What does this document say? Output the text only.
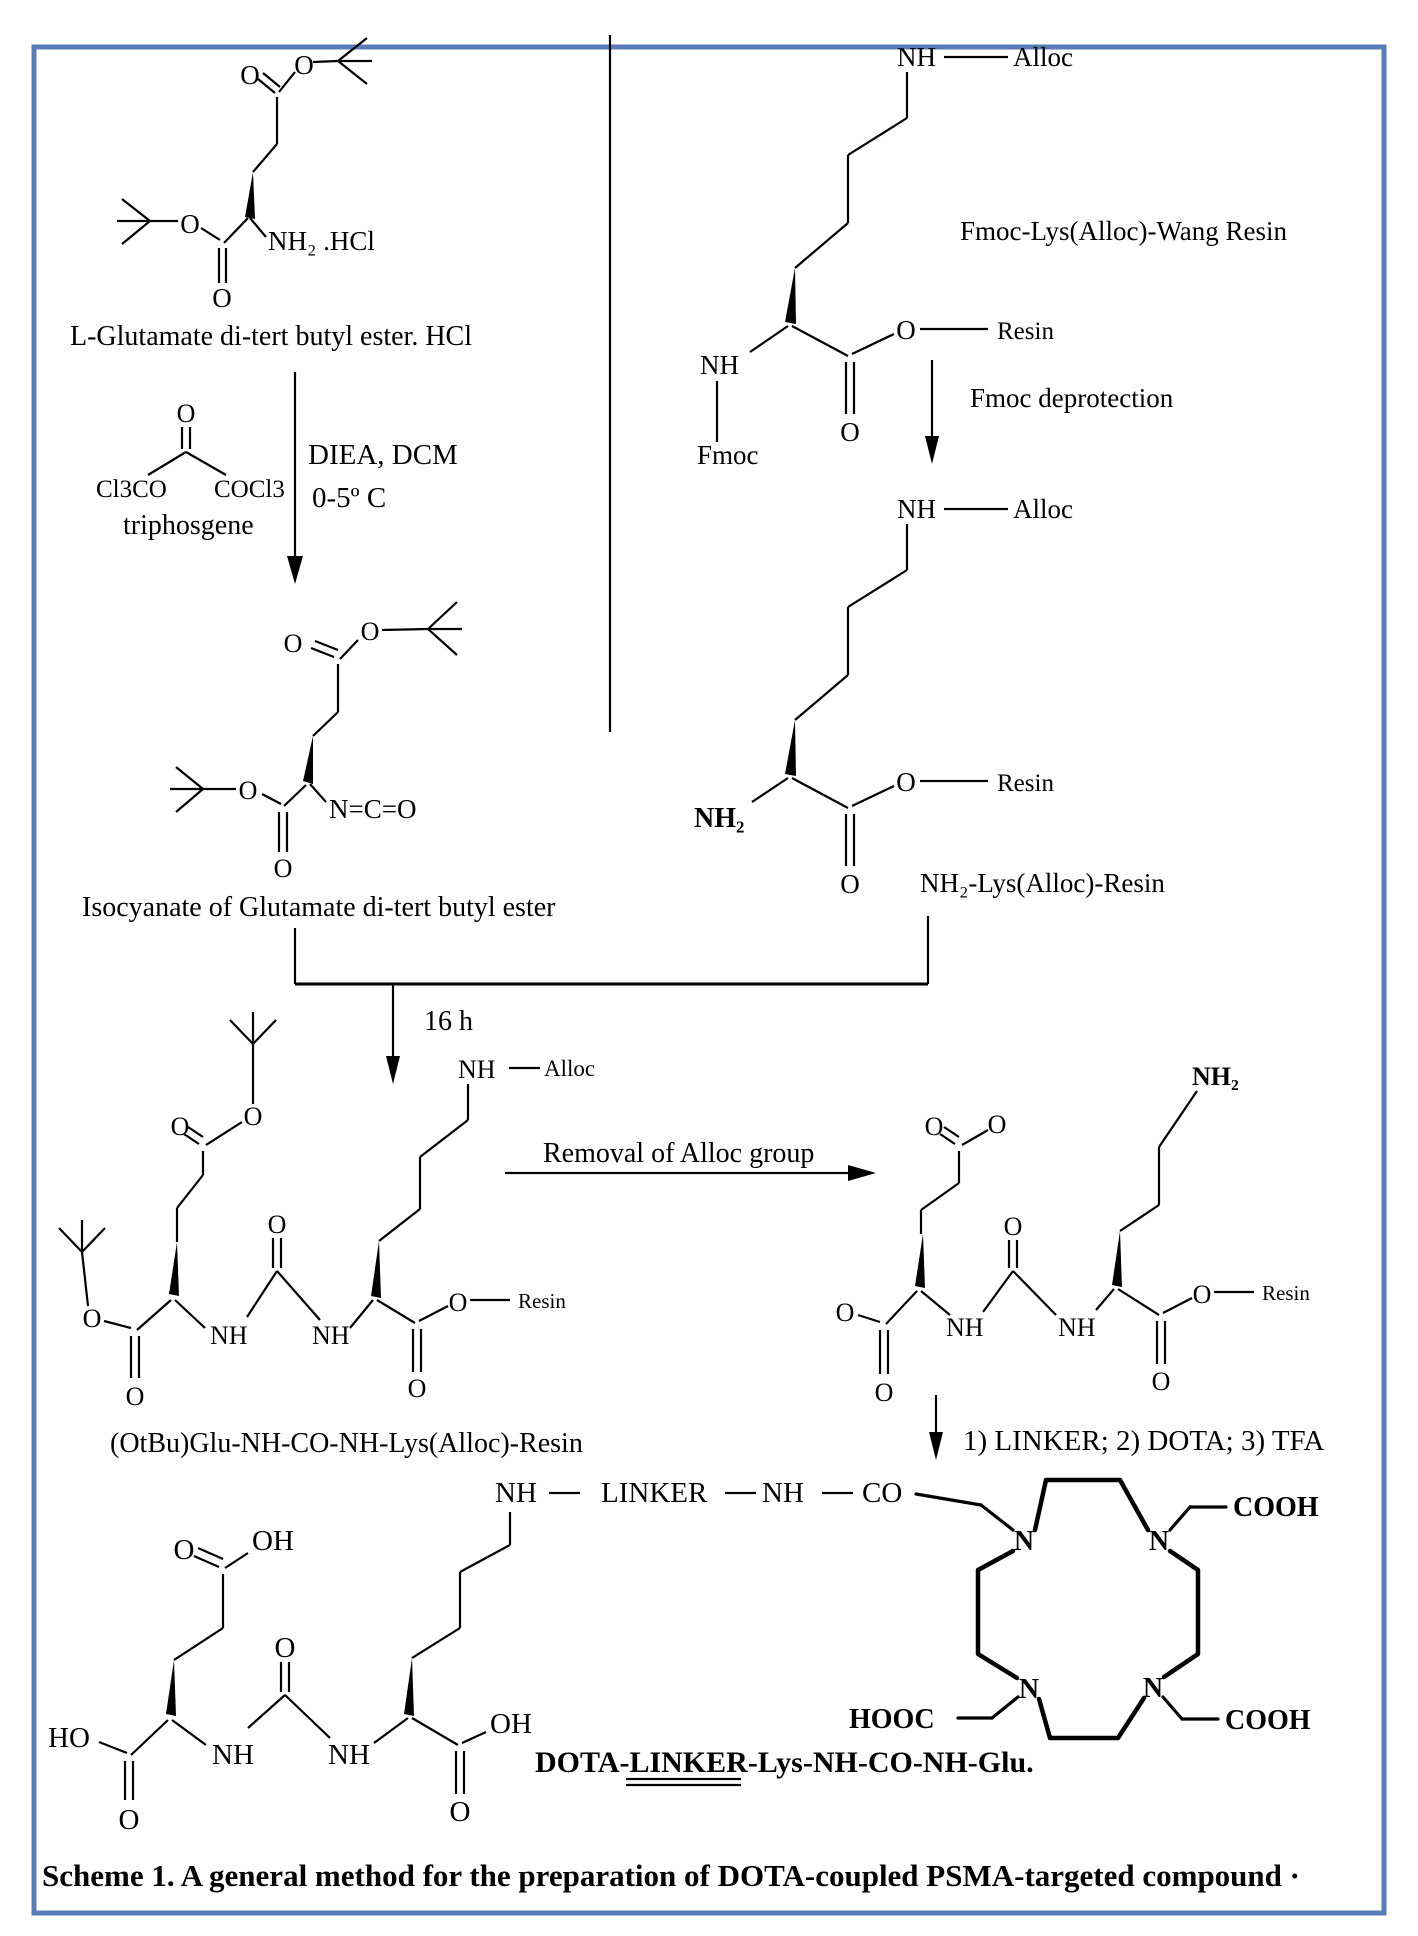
O O
O
O
NH₂ .HCl
L-Glutamate di-tert butyl ester. HCl
DIEA, DCM
0-5º C
O
Cl3CO COCl3
triphosgene
O O
O
O
N=C=O
Isocyanate of Glutamate di-tert butyl ester
NH	Alloc
NH
Fmoc
O
O	Resin
Fmoc-Lys(Alloc)-Wang Resin
Fmoc deprotection
NH	Alloc
NH₂
O
O	Resin
NH₂-Lys(Alloc)-Resin
16 h
NH Alloc
NH
NH
O
O Resin
O
O O
O
O
(OtBu)Glu-NH-CO-NH-Lys(Alloc)-Resin
Removal of Alloc group
NH₂
NH
NH
O
O Resin
O
O O
O
O
1) LINKER; 2) DOTA; 3) TFA
NH LINKER NH CO
NH
NH
O
OH
O
O OH
O
HO
N	N
N	N
COOH
HOOC	COOH
DOTA-LINKER-Lys-NH-CO-NH-Glu.
Scheme 1. A general method for the preparation of DOTA-coupled PSMA-targeted compound ·
